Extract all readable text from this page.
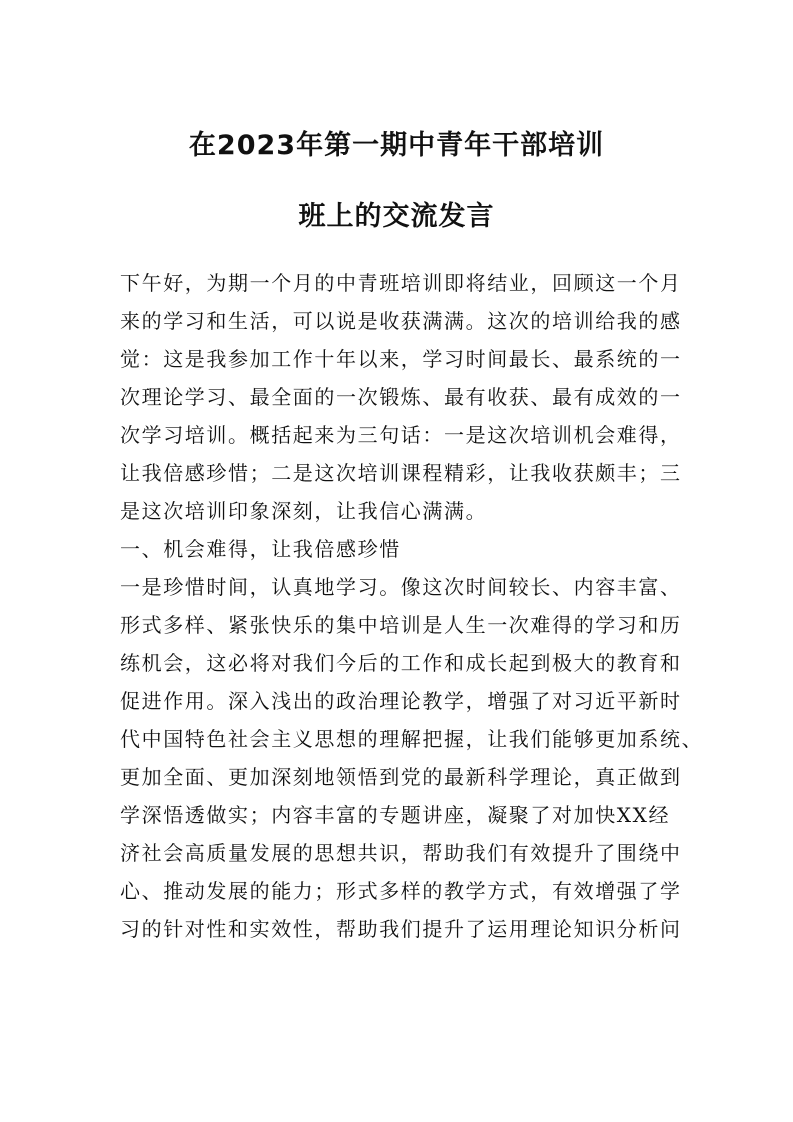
在2023年第一期中青年干部培训
班上的交流发言
下午好，为期一个月的中青班培训即将结业，回顾这一个月
来的学习和生活，可以说是收获满满。这次的培训给我的感
觉：这是我参加工作十年以来，学习时间最长、最系统的一
次理论学习、最全面的一次锻炼、最有收获、最有成效的一
次学习培训。概括起来为三句话：一是这次培训机会难得，
让我倍感珍惜；二是这次培训课程精彩，让我收获颇丰；三
是这次培训印象深刻，让我信心满满。
一、机会难得，让我倍感珍惜
一是珍惜时间，认真地学习。像这次时间较长、内容丰富、
形式多样、紧张快乐的集中培训是人生一次难得的学习和历
练机会，这必将对我们今后的工作和成长起到极大的教育和
促进作用。深入浅出的政治理论教学，增强了对习近平新时
代中国特色社会主义思想的理解把握，让我们能够更加系统、
更加全面、更加深刻地领悟到党的最新科学理论，真正做到
学深悟透做实；内容丰富的专题讲座，凝聚了对加快XX经
济社会高质量发展的思想共识，帮助我们有效提升了围绕中
心、推动发展的能力；形式多样的教学方式，有效增强了学
习的针对性和实效性，帮助我们提升了运用理论知识分析问
